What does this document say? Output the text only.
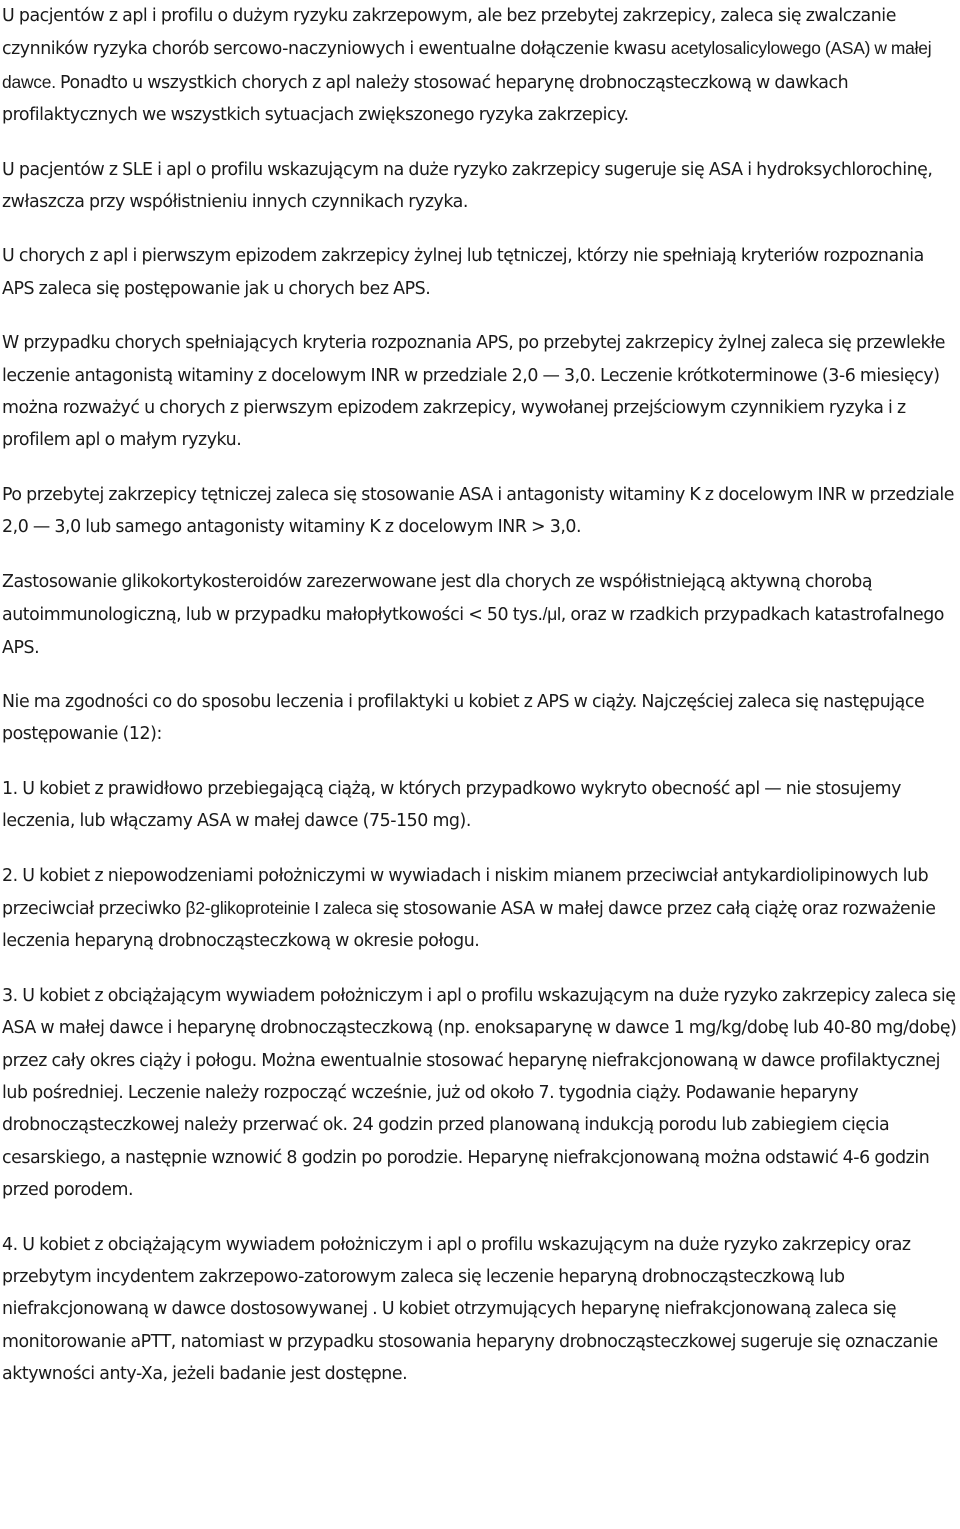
U pacjentów z apl i profilu o dużym ryzyku zakrzepowym, ale bez przebytej zakrzepicy, zaleca się zwalczanie czynników ryzyka chorób sercowo-naczyniowych i ewentualne dołączenie kwasu acetylosalicylowego (ASA) w małej dawce. Ponadto u wszystkich chorych z apl należy stosować heparynę drobnocząsteczkową w dawkach profilaktycznych we wszystkich sytuacjach zwiększonego ryzyka zakrzepicy.

U pacjentów z SLE i apl o profilu wskazującym na duże ryzyko zakrzepicy sugeruje się ASA i hydroksychlorochinę, zwłaszcza przy współistnieniu innych czynnikach ryzyka.

U chorych z apl i pierwszym epizodem zakrzepicy żylnej lub tętniczej, którzy nie spełniają kryteriów rozpoznania APS zaleca się postępowanie jak u chorych bez APS.

W przypadku chorych spełniających kryteria rozpoznania APS, po przebytej zakrzepicy żylnej zaleca się przewlekłe leczenie antagonistą witaminy z docelowym INR w przedziale 2,0 — 3,0. Leczenie krótkoterminowe (3-6 miesięcy) można rozważyć u chorych z pierwszym epizodem zakrzepicy, wywołanej przejściowym czynnikiem ryzyka i z profilem apl o małym ryzyku.

Po przebytej zakrzepicy tętniczej zaleca się stosowanie ASA i antagonisty witaminy K z docelowym INR w przedziale 2,0 — 3,0 lub samego antagonisty witaminy K z docelowym INR > 3,0.

Zastosowanie glikokortykosteroidów zarezerwowane jest dla chorych ze współistniejącą aktywną chorobą autoimmunologiczną, lub w przypadku małopłytkowości < 50 tys./μl, oraz w rzadkich przypadkach katastrofalnego APS.

Nie ma zgodności co do sposobu leczenia i profilaktyki u kobiet z APS w ciąży. Najczęściej zaleca się następujące postępowanie (12):

1. U kobiet z prawidłowo przebiegającą ciążą, w których przypadkowo wykryto obecność apl — nie stosujemy leczenia, lub włączamy ASA w małej dawce (75-150 mg).

2. U kobiet z niepowodzeniami położniczymi w wywiadach i niskim mianem przeciwciał antykardiolipinowych lub przeciwciał przeciwko β2-glikoproteinie I zaleca się stosowanie ASA w małej dawce przez całą ciążę oraz rozważenie leczenia heparyną drobnocząsteczkową w okresie połogu.

3. U kobiet z obciążającym wywiadem położniczym i apl o profilu wskazującym na duże ryzyko zakrzepicy zaleca się ASA w małej dawce i heparynę drobnocząsteczkową (np. enoksaparynę w dawce 1 mg/kg/dobę lub 40-80 mg/dobę) przez cały okres ciąży i połogu. Można ewentualnie stosować heparynę niefrakcjonowaną w dawce profilaktycznej lub pośredniej. Leczenie należy rozpocząć wcześnie, już od około 7. tygodnia ciąży. Podawanie heparyny drobnocząsteczkowej należy przerwać ok. 24 godzin przed planowaną indukcją porodu lub zabiegiem cięcia cesarskiego, a następnie wznowić 8 godzin po porodzie. Heparynę niefrakcjonowaną można odstawić 4-6 godzin przed porodem.

4. U kobiet z obciążającym wywiadem położniczym i apl o profilu wskazującym na duże ryzyko zakrzepicy oraz przebytym incydentem zakrzepowo-zatorowym zaleca się leczenie heparyną drobnocząsteczkową lub niefrakcjonowaną w dawce dostosowywanej . U kobiet otrzymujących heparynę niefrakcjonowaną zaleca się monitorowanie aPTT, natomiast w przypadku stosowania heparyny drobnocząsteczkowej sugeruje się oznaczanie aktywności anty-Xa, jeżeli badanie jest dostępne.
